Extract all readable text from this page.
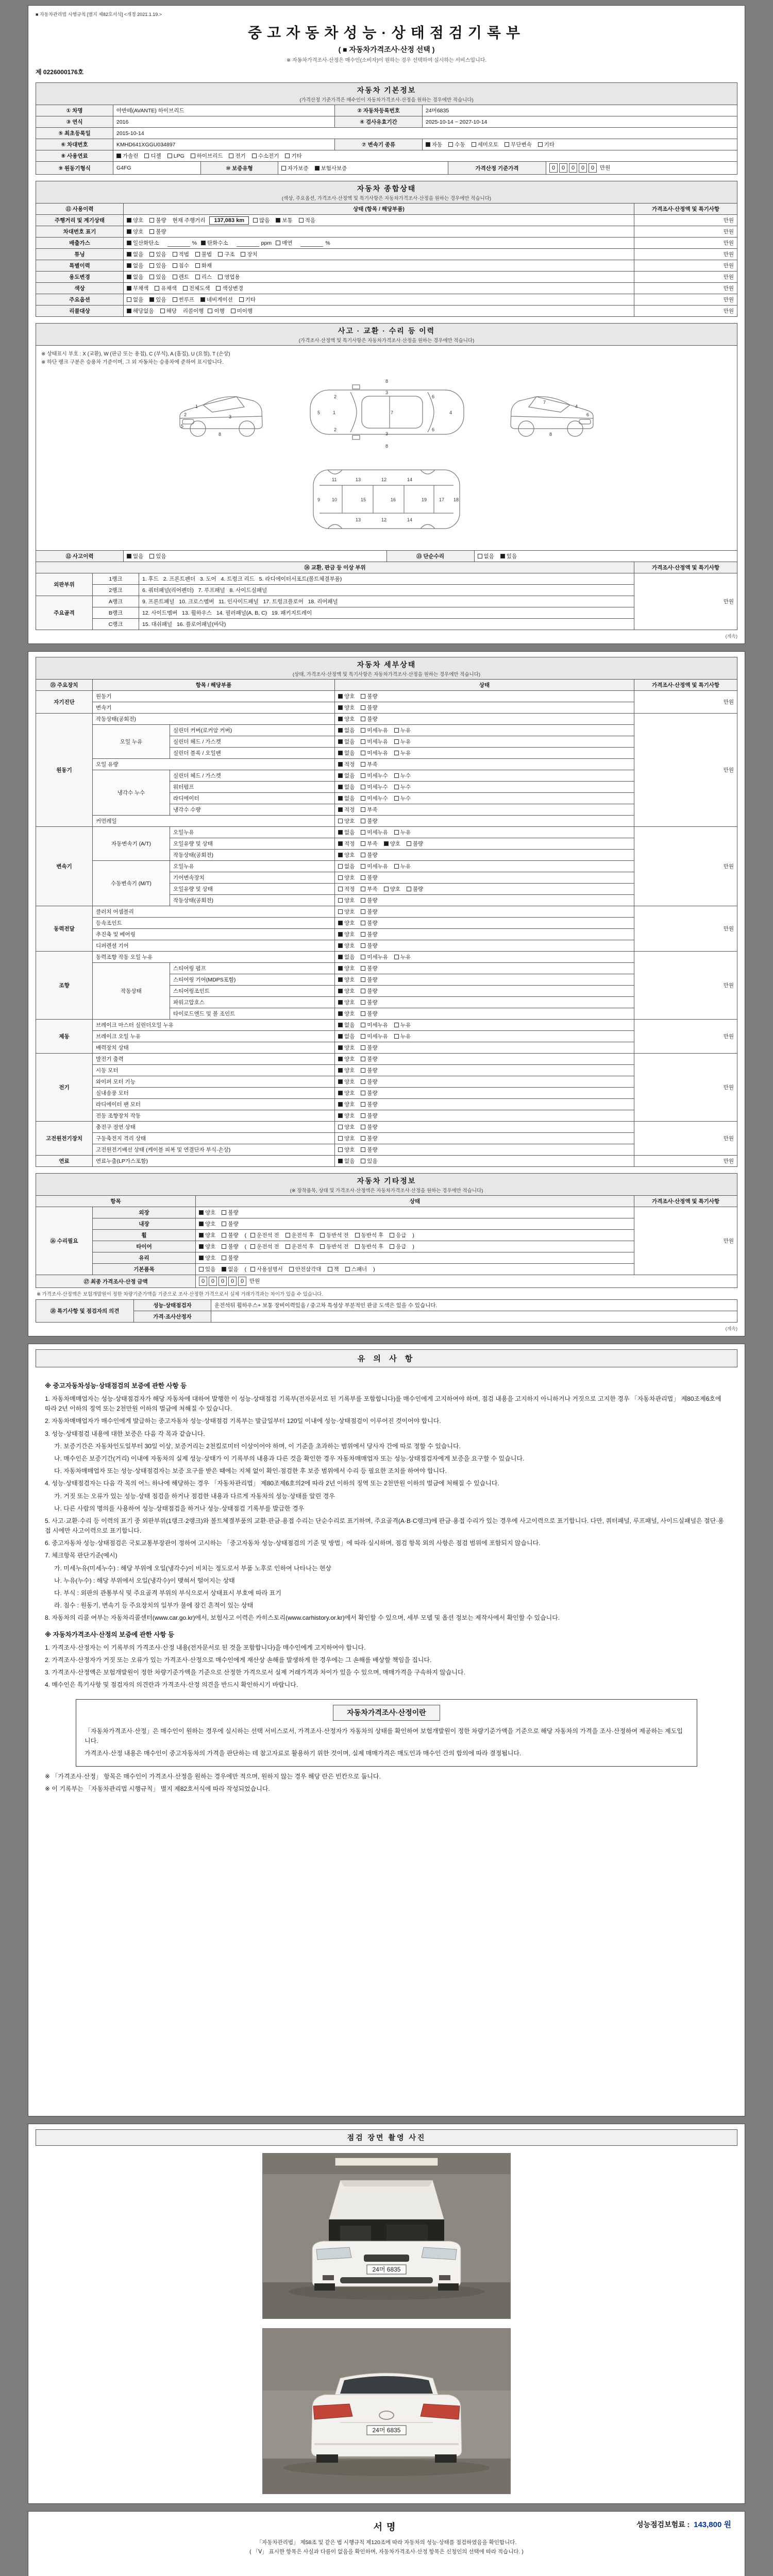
■ 자동차관리법 시행규칙 [별지 제82호서식] <개정 2021.1.19.>
중고자동차성능·상태점검기록부
( ■ 자동차가격조사·산정 선택 )
※ 자동차가격조사·산정은 매수인(소비자)이 원하는 경우 선택하여 실시하는 서비스입니다.
제 0226000176호
자동차 기본정보
(가격산정 기준가격은 매수인이 자동차가격조사·산정을 원하는 경우에만 적습니다)
① 차명	아반떼(AVANTE) 하이브리드	② 자동차등록번호	24머6835
③ 연식	2016	④ 검사유효기간	2025-10-14 ~ 2027-10-14
⑤ 최초등록일	2015-10-14		
⑥ 차대번호	KMHD641XGGU034897	⑦ 변속기 종류	자동 수동 세미오토 무단변속 기타
⑧ 사용연료	가솔린 디젤 LPG 하이브리드 전기 수소전기 기타		
⑨ 원동기형식	G4FG	⑩ 보증유형	자가보증 보험사보증	가격산정 기준가격	0 0 0 0 0 만원
자동차 종합상태
(색상, 주요옵션, 가격조사·산정액 및 특기사항은 자동차가격조사·산정을 원하는 경우에만 적습니다)
⑪ 사용이력	상태 (항목 / 해당부품)	가격조사·산정액 및 특기사항
주행거리 및 계기상태	양호 불량 현재 주행거리 137,083 km 많음 보통 적음	만원
차대번호 표기	양호 불량	만원
배출가스	일산화탄소 % 탄화수소 ppm 매연 %	만원
튜닝	없음 있음 적법 불법 구조 장치	만원
특별이력	없음 있음 침수 화재	만원
용도변경	없음 있음 렌트 리스 영업용	만원
색상	무채색 유채색 전체도색 색상변경	만원
주요옵션	없음 있음 썬루프 네비게이션 기타	만원
리콜대상	해당없음 해당 리콜이행 이행 미이행	만원
사고 · 교환 · 수리 등 이력
(가격조사·산정액 및 특기사항은 자동차가격조사·산정을 원하는 경우에만 적습니다)
※ 상태표시 부호 : X (교환), W (판금 또는 용접), C (부식), A (흠집), U (요철), T (손상)
※ 하단 랭크 구분은 승용차 기준이며, 그 외 자동차는 승용차에 준하여 표시합니다.
1
2	3
8
5
5	1	7	4
2
2
3
3
6
6
8
8
4
6
7
8
9	10
11	13
13
12
12
15	16
14
14
19	17 18
⑫ 사고이력	없음 있음	⑬ 단순수리	없음 있음
⑭ 교환, 판금 등 이상 부위			가격조사·산정액 및 특기사항
외판부위	1랭크	1. 후드   2. 프론트펜더   3. 도어   4. 트렁크 리드   5. 라디에이터서포트(볼트체결부품)	만원
	2랭크	6. 쿼터패널(리어펜더)   7. 루프패널   8. 사이드실패널	
주요골격	A랭크	9. 프론트패널   10. 크로스멤버   11. 인사이드패널   17. 트렁크플로어   18. 리어패널	
	B랭크	12. 사이드멤버   13. 휠하우스   14. 필러패널(A, B, C)   19. 패키지트레이	
	C랭크	15. 대쉬패널   16. 플로어패널(바닥)	
(계속)
자동차 세부상태
(상태, 가격조사·산정액 및 특기사항은 자동차가격조사·산정을 원하는 경우에만 적습니다)
⑮ 주요장치	항목 / 해당부품		상태	가격조사·산정액 및 특기사항
자기진단	원동기		양호 불량	만원
	변속기		양호 불량	
원동기	작동상태(공회전)		양호 불량	만원
	오일 누유	실린더 커버(로커암 커버)	없음 미세누유 누유	
		실린더 헤드 / 가스켓	없음 미세누유 누유	
		실린더 블록 / 오일팬	없음 미세누유 누유	
	오일 유량		적정 부족	
	냉각수 누수	실린더 헤드 / 가스켓	없음 미세누수 누수	
		워터펌프	없음 미세누수 누수	
		라디에이터	없음 미세누수 누수	
		냉각수 수량	적정 부족	
	커먼레일		양호 불량	
변속기	자동변속기 (A/T)	오일누유	없음 미세누유 누유	만원
		오일유량 및 상태	적정 부족 양호 불량	
		작동상태(공회전)	양호 불량	
	수동변속기 (M/T)	오일누유	없음 미세누유 누유	
		기어변속장치	양호 불량	
		오일유량 및 상태	적정 부족 양호 불량	
		작동상태(공회전)	양호 불량	
동력전달	클러치 어셈블리		양호 불량	만원
	등속조인트		양호 불량	
	추진축 및 베어링		양호 불량	
	디퍼렌셜 기어		양호 불량	
조향	동력조향 작동 오일 누유		없음 미세누유 누유	만원
	작동상태	스티어링 펌프	양호 불량	
		스티어링 기어(MDPS포함)	양호 불량	
		스티어링조인트	양호 불량	
		파워고압호스	양호 불량	
		타이로드엔드 및 볼 조인트	양호 불량	
제동	브레이크 마스터 실린더오일 누유		없음 미세누유 누유	만원
	브레이크 오일 누유		없음 미세누유 누유	
	배력장치 상태		양호 불량	
전기	발전기 출력		양호 불량	만원
	시동 모터		양호 불량	
	와이퍼 모터 기능		양호 불량	
	실내송풍 모터		양호 불량	
	라디에이터 팬 모터		양호 불량	
	전동 조향장치 작동		양호 불량	
고전원전기장치	충전구 절연 상태		양호 불량	만원
	구동축전지 격리 상태		양호 불량	
	고전원전기배선 상태 (케이블 피복 및 연결단자 부식·손상)		양호 불량	
연료	연료누출(LP가스포함)		없음 있음	만원
자동차 기타정보
(※ 장착품목, 상태 및 가격조사·산정액은 자동차가격조사·산정을 원하는 경우에만 적습니다)
항목		상태	가격조사·산정액 및 특기사항
⑯ 수리필요	외장	양호 불량	만원
	내장	양호 불량	
	휠	양호 불량 ( 운전석 전 운전석 후 동반석 전 동반석 후 응급 )	
	타이어	양호 불량 ( 운전석 전 운전석 후 동반석 전 동반석 후 응급 )	
	유리	양호 불량	
	기본품목	있음 없음 ( 사용설명서 안전삼각대 잭 스패너 )	
⑰ 최종 가격조사·산정 금액	0 0 0 0 0 만원
※ 가격조사·산정액은 보험개발원이 정한 차량기준가액을 기준으로 조사·산정한 가격으로서 실제 거래가격과는 차이가 있을 수 있습니다.
⑱ 특기사항 및 점검자의 의견	성능·상태점검자	운전석뒤 휠하우스+ 보통 장비이력있음 / 중고차 특성상 부분적인 판금 도색은 있을 수 있습니다.
	가격·조사산정자	
(계속)
유 의 사 항
※ 중고자동차성능·상태점검의 보증에 관한 사항 등
1. 자동차매매업자는 성능·상태점검자가 해당 자동차에 대하여 발행한 이 성능·상태점검 기록부(전자문서로 된 기록부를 포함합니다)를 매수인에게 고지하여야 하며, 점검 내용을 고지하지 아니하거나 거짓으로 고지한 경우 「자동차관리법」 제80조제6호에 따라 2년 이하의 징역 또는 2천만원 이하의 벌금에 처해질 수 있습니다.
2. 자동차매매업자가 매수인에게 발급하는 중고자동차 성능·상태점검 기록부는 발급일부터 120일 이내에 성능·상태점검이 이루어진 것이어야 합니다.
3. 성능·상태점검 내용에 대한 보증은 다음 각 목과 같습니다.
가. 보증기간은 자동차인도일부터 30일 이상, 보증거리는 2천킬로미터 이상이어야 하며, 이 기준을 초과하는 범위에서 당사자 간에 따로 정할 수 있습니다.
나. 매수인은 보증기간(거리) 이내에 자동차의 실제 성능·상태가 이 기록부의 내용과 다른 것을 확인한 경우 자동차매매업자 또는 성능·상태점검자에게 보증을 요구할 수 있습니다.
다. 자동차매매업자 또는 성능·상태점검자는 보증 요구를 받은 때에는 지체 없이 확인·점검한 후 보증 범위에서 수리 등 필요한 조치를 하여야 합니다.
4. 성능·상태점검자는 다음 각 목의 어느 하나에 해당하는 경우 「자동차관리법」 제80조제6호의2에 따라 2년 이하의 징역 또는 2천만원 이하의 벌금에 처해질 수 있습니다.
가. 거짓 또는 오류가 있는 성능·상태 점검을 하거나 점검한 내용과 다르게 자동차의 성능·상태를 알린 경우
나. 다른 사람의 명의를 사용하여 성능·상태점검을 하거나 성능·상태점검 기록부를 발급한 경우
5. 사고·교환·수리 등 이력의 표기 중 외판부위(1랭크·2랭크)와 볼트체결부품의 교환·판금·용접 수리는 단순수리로 표기하며, 주요골격(A·B·C랭크)에 판금·용접 수리가 있는 경우에 사고이력으로 표기합니다. 다만, 쿼터패널, 루프패널, 사이드실패널은 절단·용접 시에만 사고이력으로 표기합니다.
6. 중고자동차 성능·상태점검은 국토교통부장관이 정하여 고시하는 「중고자동차 성능·상태점검의 기준 및 방법」에 따라 실시하며, 점검 항목 외의 사항은 점검 범위에 포함되지 않습니다.
7. 체크항목 판단기준(예시)
가. 미세누유(미세누수) : 해당 부위에 오일(냉각수)이 비치는 정도로서 부품 노후로 인하여 나타나는 현상
나. 누유(누수) : 해당 부위에서 오일(냉각수)이 맺혀서 떨어지는 상태
다. 부식 : 외판의 관통부식 및 주요골격 부위의 부식으로서 상태표시 부호에 따라 표기
라. 침수 : 원동기, 변속기 등 주요장치의 일부가 물에 잠긴 흔적이 있는 상태
8. 자동차의 리콜 여부는 자동차리콜센터(www.car.go.kr)에서, 보험사고 이력은 카히스토리(www.carhistory.or.kr)에서 확인할 수 있으며, 세부 모델 및 옵션 정보는 제작사에서 확인할 수 있습니다.
※ 자동차가격조사·산정의 보증에 관한 사항 등
1. 가격조사·산정자는 이 기록부의 가격조사·산정 내용(전자문서로 된 것을 포함합니다)을 매수인에게 고지하여야 합니다.
2. 가격조사·산정자가 거짓 또는 오류가 있는 가격조사·산정으로 매수인에게 재산상 손해를 발생하게 한 경우에는 그 손해를 배상할 책임을 집니다.
3. 가격조사·산정액은 보험개발원이 정한 차량기준가액을 기준으로 산정한 가격으로서 실제 거래가격과 차이가 있을 수 있으며, 매매가격을 구속하지 않습니다.
4. 매수인은 특기사항 및 점검자의 의견란과 가격조사·산정 의견을 반드시 확인하시기 바랍니다.
자동차가격조사·산정이란
「자동차가격조사·산정」은 매수인이 원하는 경우에 실시하는 선택 서비스로서, 가격조사·산정자가 자동차의 상태를 확인하여 보험개발원이 정한 차량기준가액을 기준으로 해당 자동차의 가격을 조사·산정하여 제공하는 제도입니다.
가격조사·산정 내용은 매수인이 중고자동차의 가격을 판단하는 데 참고자료로 활용하기 위한 것이며, 실제 매매가격은 매도인과 매수인 간의 합의에 따라 결정됩니다.
※ 「가격조사·산정」 항목은 매수인이 가격조사·산정을 원하는 경우에만 적으며, 원하지 않는 경우 해당 란은 빈칸으로 둡니다.
※ 이 기록부는 「자동차관리법 시행규칙」 별지 제82호서식에 따라 작성되었습니다.
점검 장면 촬영 사진
24머 6835
24머 6835
서명	성능점검보험료 : 143,800 원
「자동차관리법」 제58조 및 같은 법 시행규칙 제120조에 따라 자동차의 성능·상태를 점검하였음을 확인합니다.
( 「Ⅴ」 표시한 항목은 사실과 다름이 없음을 확인하며, 자동차가격조사·산정 항목은 신청인의 선택에 따라 적습니다. )
